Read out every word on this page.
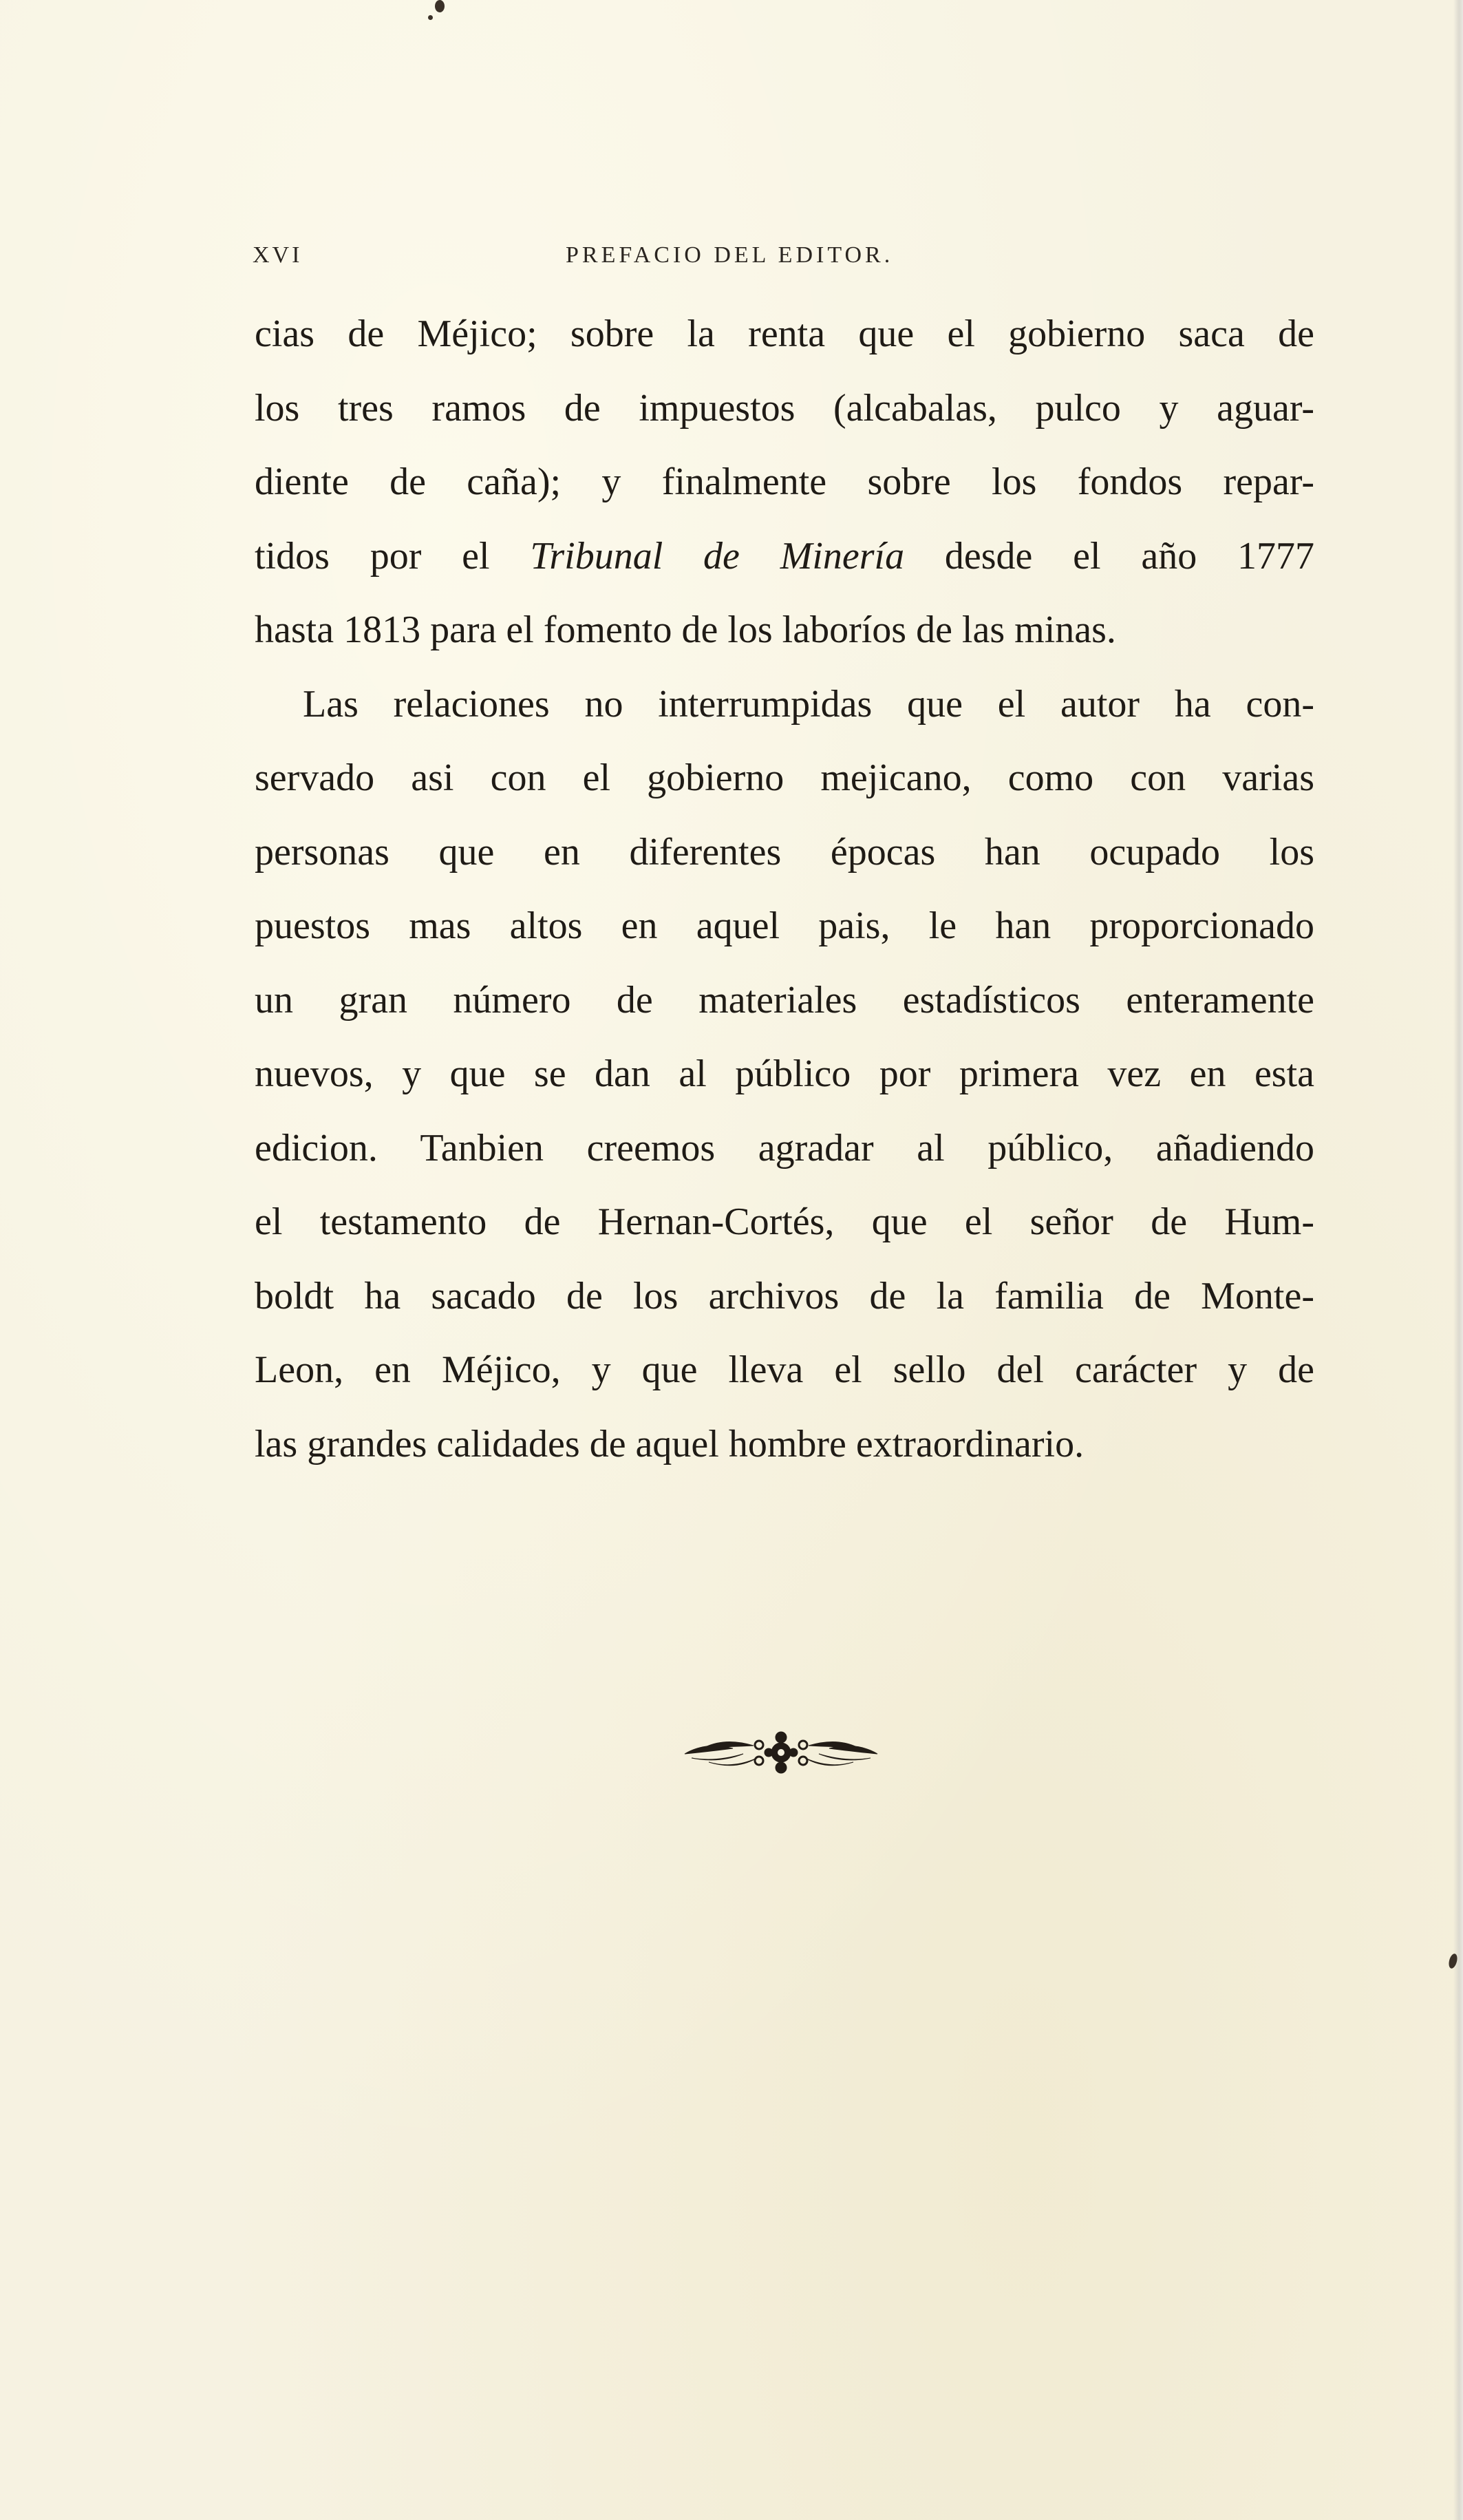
XVI	PREFACIO DEL EDITOR.
cias de Méjico; sobre la renta que el gobierno saca de
los tres ramos de impuestos (alcabalas, pulco y aguar-
diente de caña); y finalmente sobre los fondos repar-
tidos por el Tribunal de Minería desde el año 1777
hasta 1813 para el fomento de los laboríos de las minas.
Las relaciones no interrumpidas que el autor ha con-
servado asi con el gobierno mejicano, como con varias
personas que en diferentes épocas han ocupado los
puestos mas altos en aquel pais, le han proporcionado
un gran número de materiales estadísticos enteramente
nuevos, y que se dan al público por primera vez en esta
edicion. Tanbien creemos agradar al público, añadiendo
el testamento de Hernan-Cortés, que el señor de Hum-
boldt ha sacado de los archivos de la familia de Monte-
Leon, en Méjico, y que lleva el sello del carácter y de
las grandes calidades de aquel hombre extraordinario.
